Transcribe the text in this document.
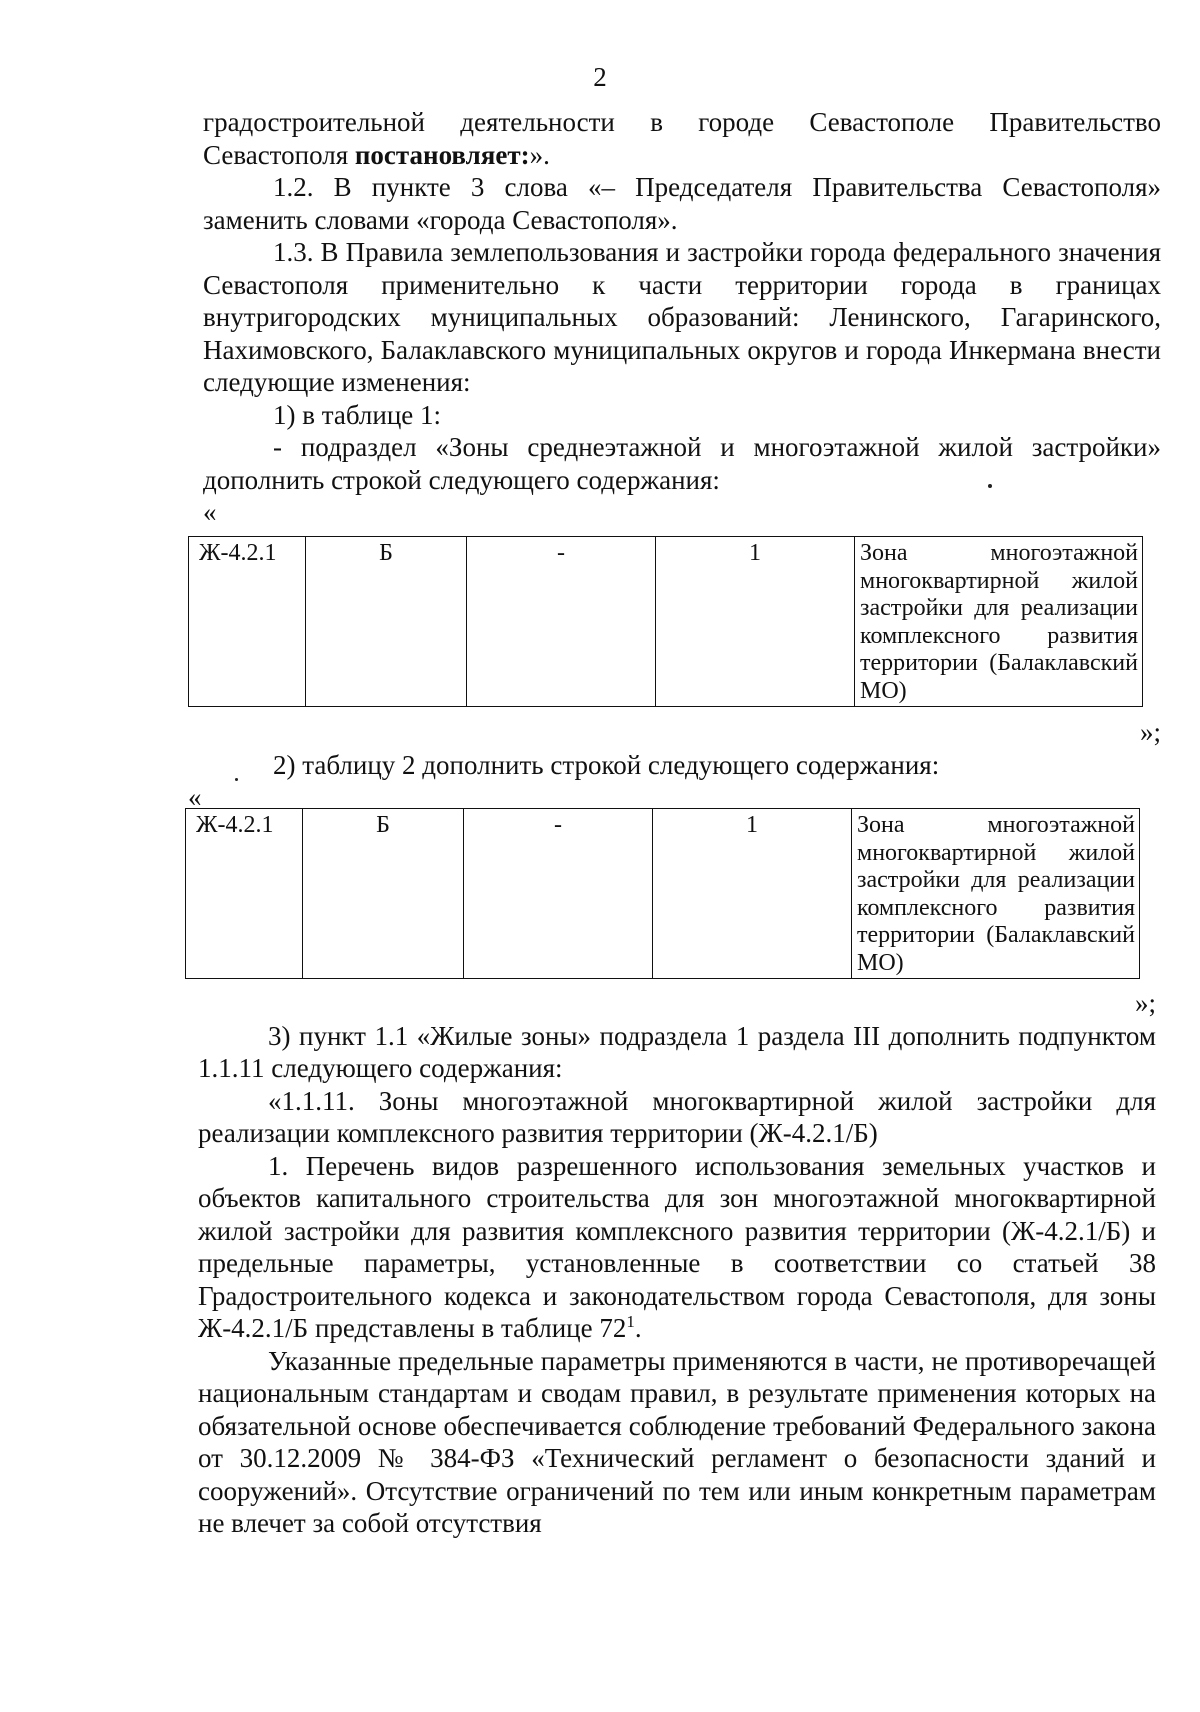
2

градостроительной деятельности в городе Севастополе Правительство Севастополя постановляет:».

1.2. В пункте 3 слова «– Председателя Правительства Севастополя» заменить словами «города Севастополя».

1.3. В Правила землепользования и застройки города федерального значения Севастополя применительно к части территории города в границах внутригородских муниципальных образований: Ленинского, Гагаринского, Нахимовского, Балаклавского муниципальных округов и города Инкермана внести следующие изменения:

1) в таблице 1:

- подраздел «Зоны среднеэтажной и многоэтажной жилой застройки» дополнить строкой следующего содержания:

«

Ж-4.2.1	Б	-	1	Зона многоэтажной многоквартирной жилой застройки для реализации комплексного развития территории (Балаклавский МО)

»;

2) таблицу 2 дополнить строкой следующего содержания:

«

Ж-4.2.1	Б	-	1	Зона многоэтажной многоквартирной жилой застройки для реализации комплексного развития территории (Балаклавский МО)

»;

3) пункт 1.1 «Жилые зоны» подраздела 1 раздела III дополнить подпунктом 1.1.11 следующего содержания:

«1.1.11. Зоны многоэтажной многоквартирной жилой застройки для реализации комплексного развития территории (Ж-4.2.1/Б)

1. Перечень видов разрешенного использования земельных участков и объектов капитального строительства для зон многоэтажной многоквартирной жилой застройки для развития комплексного развития территории (Ж-4.2.1/Б) и предельные параметры, установленные в соответствии со статьей 38 Градостроительного кодекса и законодательством города Севастополя, для зоны Ж-4.2.1/Б представлены в таблице $72^1$.

Указанные предельные параметры применяются в части, не противоречащей национальным стандартам и сводам правил, в результате применения которых на обязательной основе обеспечивается соблюдение требований Федерального закона от 30.12.2009 № 384-ФЗ «Технический регламент о безопасности зданий и сооружений». Отсутствие ограничений по тем или иным конкретным параметрам не влечет за собой отсутствия
